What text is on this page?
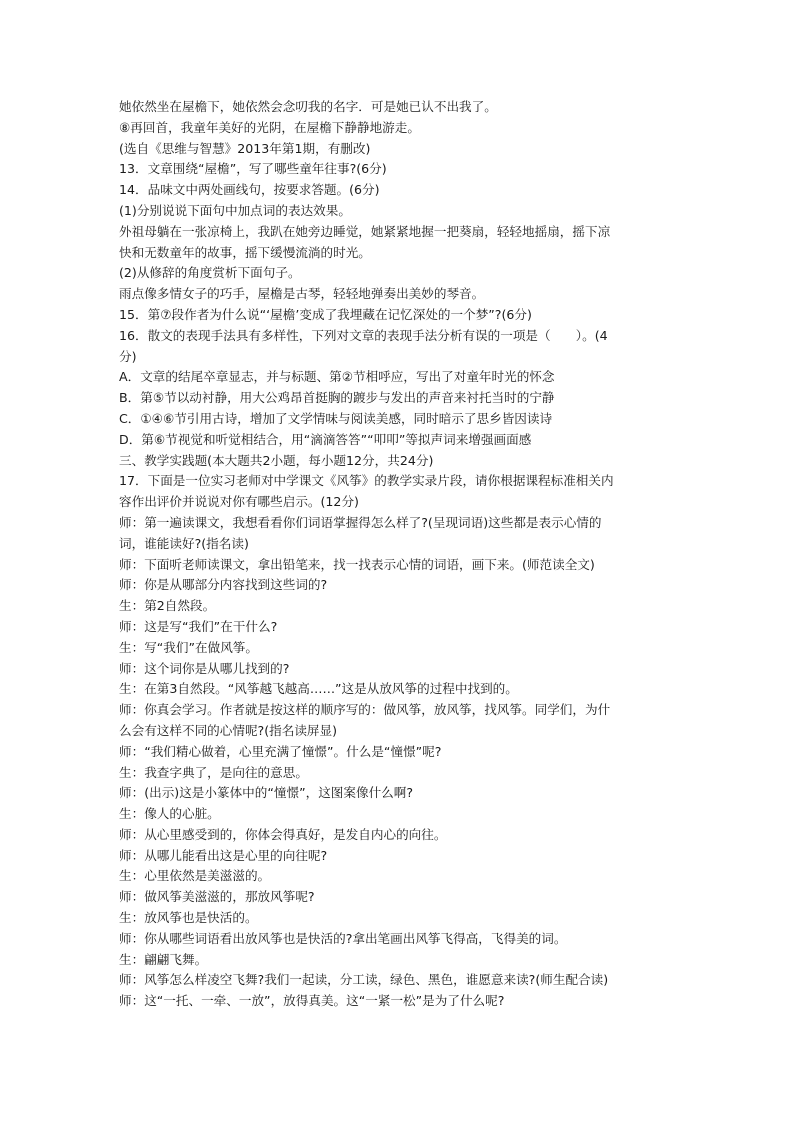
她依然坐在屋檐下，她依然会念叨我的名字．可是她已认不出我了。
⑧再回首，我童年美好的光阴，在屋檐下静静地游走。
(选自《思维与智慧》2013年第1期，有删改)
13．文章围绕“屋檐”，写了哪些童年往事?(6分)
14．品味文中两处画线句，按要求答题。(6分)
(1)分别说说下面句中加点词的表达效果。
外祖母躺在一张凉椅上，我趴在她旁边睡觉，她紧紧地握一把葵扇，轻轻地摇扇，摇下凉
快和无数童年的故事，摇下缓慢流淌的时光。
(2)从修辞的角度赏析下面句子。
雨点像多情女子的巧手，屋檐是古琴，轻轻地弹奏出美妙的琴音。
15．第⑦段作者为什么说“‘屋檐’变成了我埋藏在记忆深处的一个梦”?(6分)
16．散文的表现手法具有多样性，下列对文章的表现手法分析有误的一项是（　　）。(4
分)
A．文章的结尾卒章显志，并与标题、第②节相呼应，写出了对童年时光的怀念
B．第⑤节以动衬静，用大公鸡昂首挺胸的踱步与发出的声音来衬托当时的宁静
C．①④⑥节引用古诗，增加了文学情味与阅读美感，同时暗示了思乡皆因读诗
D．第⑥节视觉和听觉相结合，用“滴滴答答”“叩叩”等拟声词来增强画面感
三、教学实践题(本大题共2小题，每小题12分，共24分)
17．下面是一位实习老师对中学课文《风筝》的教学实录片段，请你根据课程标准相关内
容作出评价并说说对你有哪些启示。(12分)
师：第一遍读课文，我想看看你们词语掌握得怎么样了?(呈现词语)这些都是表示心情的
词，谁能读好?(指名读)
师：下面听老师读课文，拿出铅笔来，找一找表示心情的词语，画下来。(师范读全文)
师：你是从哪部分内容找到这些词的?
生：第2自然段。
师：这是写“我们”在干什么?
生：写“我们”在做风筝。
师：这个词你是从哪儿找到的?
生：在第3自然段。“风筝越飞越高……”这是从放风筝的过程中找到的。
师：你真会学习。作者就是按这样的顺序写的：做风筝，放风筝，找风筝。同学们，为什
么会有这样不同的心情呢?(指名读屏显)
师：“我们精心做着，心里充满了憧憬”。什么是“憧憬”呢?
生：我查字典了，是向往的意思。
师：(出示)这是小篆体中的“憧憬”，这图案像什么啊?
生：像人的心脏。
师：从心里感受到的，你体会得真好，是发自内心的向往。
师：从哪儿能看出这是心里的向往呢?
生：心里依然是美滋滋的。
师：做风筝美滋滋的，那放风筝呢?
生：放风筝也是快活的。
师：你从哪些词语看出放风筝也是快活的?拿出笔画出风筝飞得高，飞得美的词。
生：翩翩飞舞。
师：风筝怎么样凌空飞舞?我们一起读，分工读，绿色、黑色，谁愿意来读?(师生配合读)
师：这“一托、一牵、一放”，放得真美。这“一紧一松”是为了什么呢?
